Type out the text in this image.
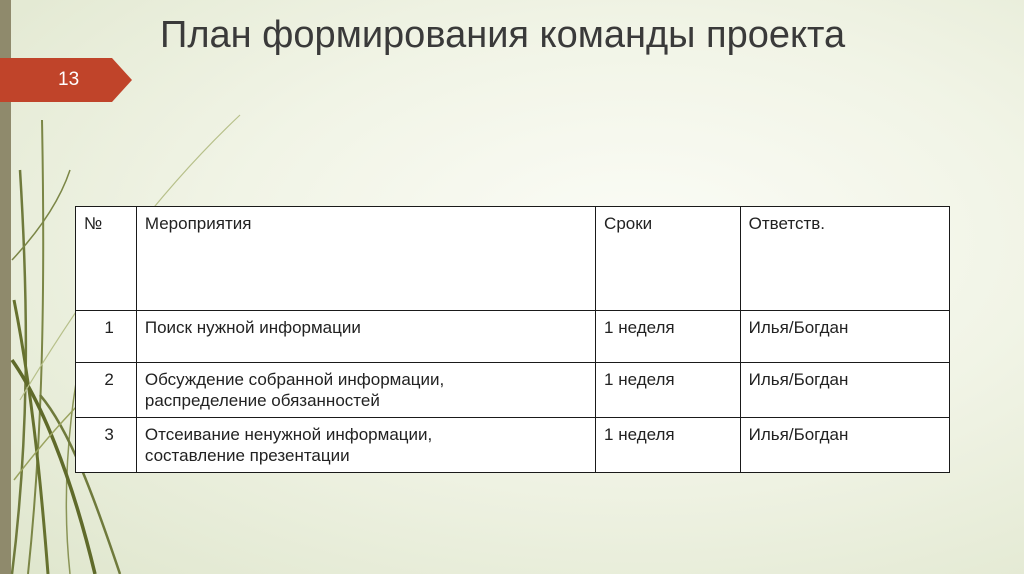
13
План формирования команды проекта
№	Мероприятия	Сроки	Ответств.
1	Поиск нужной информации	1 неделя	Илья/Богдан
2	Обсуждение собранной информации,
распределение обязанностей	1 неделя	Илья/Богдан
3	Отсеивание ненужной информации,
составление презентации	1 неделя	Илья/Богдан
